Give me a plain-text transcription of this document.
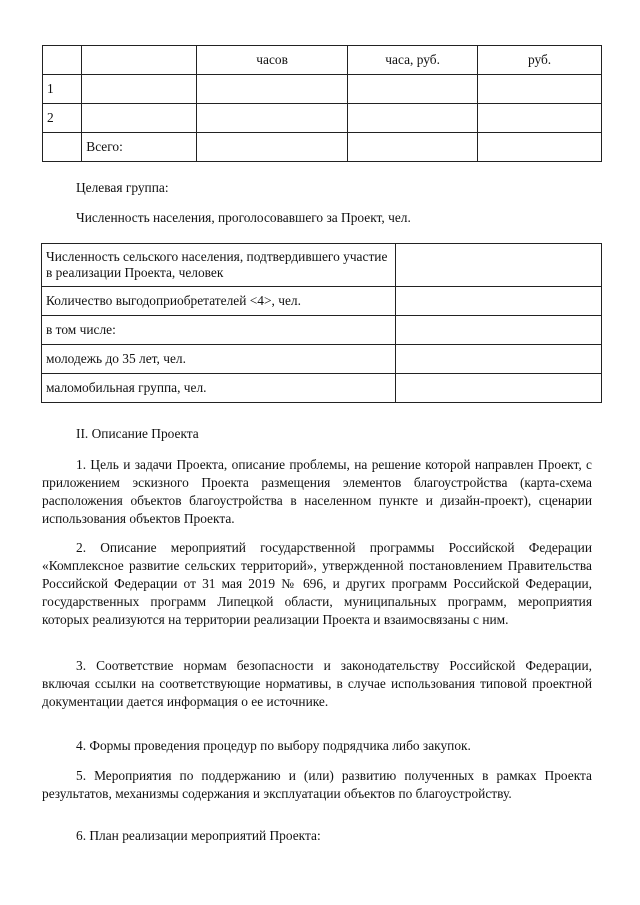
		часов	часа, руб.	руб.
1				
2				
	Всего:			
Целевая группа:
Численность населения, проголосовавшего за Проект, чел.
Численность сельского населения, подтвердившего участие в реализации Проекта, человек	
Количество выгодоприобретателей <4>, чел.	
в том числе:	
молодежь до 35 лет, чел.	
маломобильная группа, чел.	
II. Описание Проекта
1. Цель и задачи Проекта, описание проблемы, на решение которой направлен Проект, с приложением эскизного Проекта размещения элементов благоустройства (карта-схема расположения объектов благоустройства в населенном пункте и дизайн-проект), сценарии использования объектов Проекта.
2. Описание мероприятий государственной программы Российской Федерации «Комплексное развитие сельских территорий», утвержденной постановлением Правительства Российской Федерации от 31 мая 2019 № 696, и других программ Российской Федерации, государственных программ Липецкой области, муниципальных программ, мероприятия которых реализуются на территории реализации Проекта и взаимосвязаны с ним.
3. Соответствие нормам безопасности и законодательству Российской Федерации, включая ссылки на соответствующие нормативы, в случае использования типовой проектной документации дается информация о ее источнике.
4. Формы проведения процедур по выбору подрядчика либо закупок.
5. Мероприятия по поддержанию и (или) развитию полученных в рамках Проекта результатов, механизмы содержания и эксплуатации объектов по благоустройству.
6. План реализации мероприятий Проекта:
